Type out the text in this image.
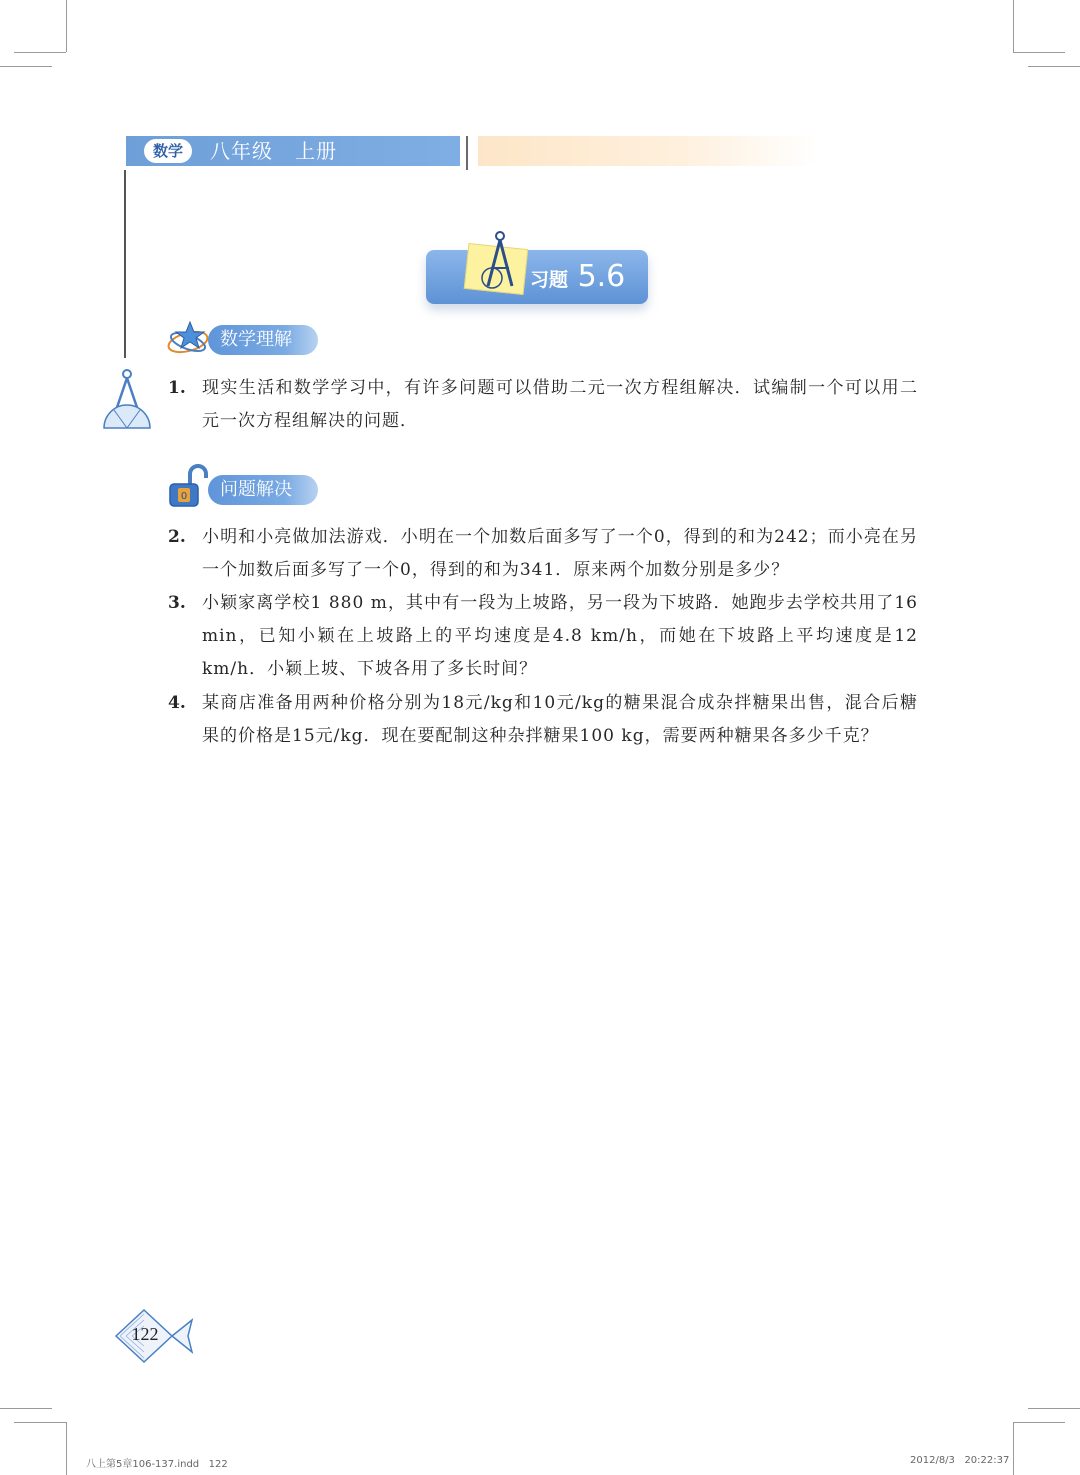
数学	八年级   上册
习题 5.6
数学理解
1. 现实生活和数学学习中，有许多问题可以借助二元一次方程组解决．试编制一个可以用二元一次方程组解决的问题．
0	问题解决
2. 小明和小亮做加法游戏．小明在一个加数后面多写了一个0，得到的和为242；而小亮在另一个加数后面多写了一个0，得到的和为341．原来两个加数分别是多少？
3. 小颖家离学校1 880 m，其中有一段为上坡路，另一段为下坡路．她跑步去学校共用了16 min，已知小颖在上坡路上的平均速度是4.8 km/h，而她在下坡路上平均速度是12 km/h．小颖上坡、下坡各用了多长时间？
4. 某商店准备用两种价格分别为18元/kg和10元/kg的糖果混合成杂拌糖果出售，混合后糖果的价格是15元/kg．现在要配制这种杂拌糖果100 kg，需要两种糖果各多少千克？
122
八上第5章106-137.indd   122	2012/8/3   20:22:37
